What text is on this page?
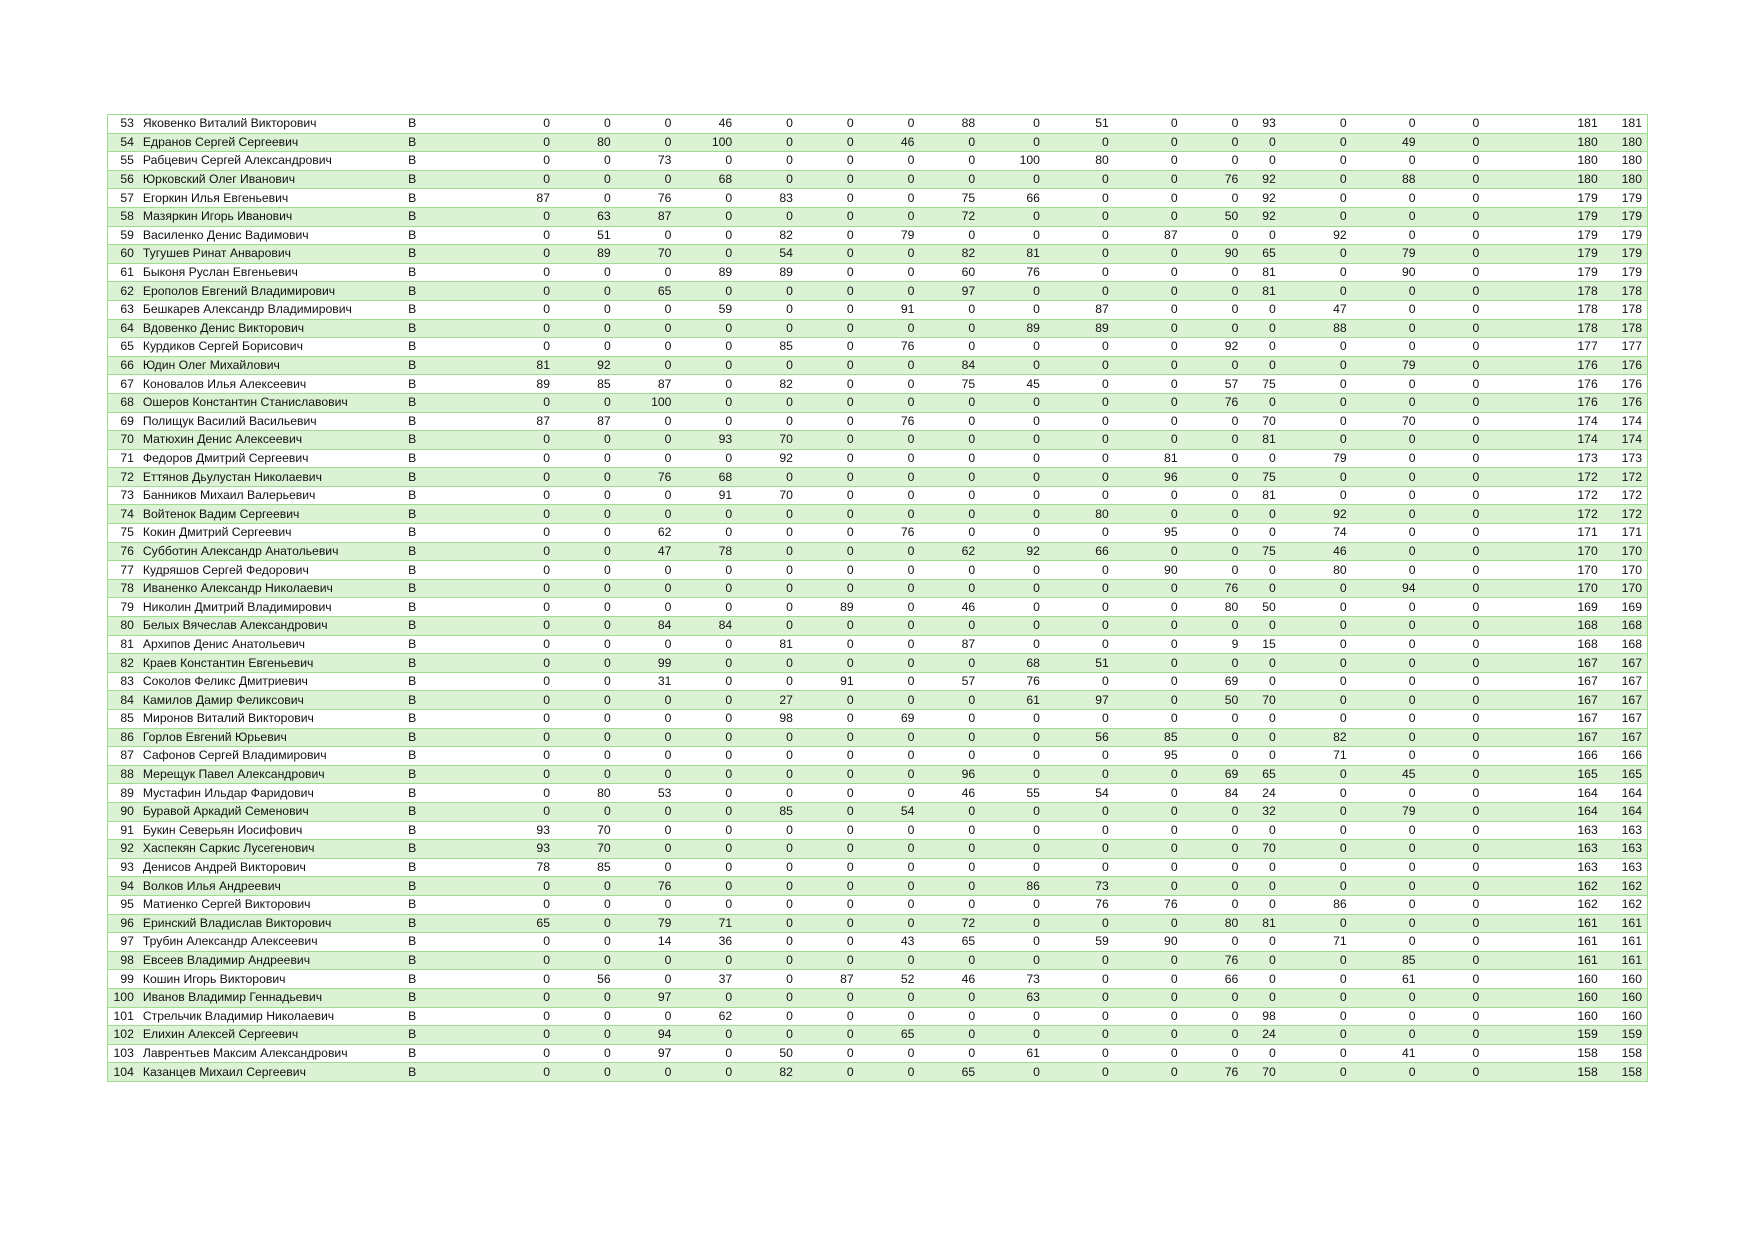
53	Яковенко Виталий Викторович	В	0	0	0	46	0	0	0	88	0	51	0	0	93	0	0	0	181	181
54	Едранов Сергей Сергеевич	В	0	80	0	100	0	0	46	0	0	0	0	0	0	0	49	0	180	180
55	Рабцевич Сергей Александрович	В	0	0	73	0	0	0	0	0	100	80	0	0	0	0	0	0	180	180
56	Юрковский Олег Иванович	В	0	0	0	68	0	0	0	0	0	0	0	76	92	0	88	0	180	180
57	Егоркин Илья Евгеньевич	В	87	0	76	0	83	0	0	75	66	0	0	0	92	0	0	0	179	179
58	Мазяркин Игорь Иванович	В	0	63	87	0	0	0	0	72	0	0	0	50	92	0	0	0	179	179
59	Василенко Денис Вадимович	В	0	51	0	0	82	0	79	0	0	0	87	0	0	92	0	0	179	179
60	Тугушев Ринат Анварович	В	0	89	70	0	54	0	0	82	81	0	0	90	65	0	79	0	179	179
61	Быконя Руслан Евгеньевич	В	0	0	0	89	89	0	0	60	76	0	0	0	81	0	90	0	179	179
62	Ерополов Евгений Владимирович	В	0	0	65	0	0	0	0	97	0	0	0	0	81	0	0	0	178	178
63	Бешкарев Александр Владимирович	В	0	0	0	59	0	0	91	0	0	87	0	0	0	47	0	0	178	178
64	Вдовенко Денис Викторович	В	0	0	0	0	0	0	0	0	89	89	0	0	0	88	0	0	178	178
65	Курдиков Сергей Борисович	В	0	0	0	0	85	0	76	0	0	0	0	92	0	0	0	0	177	177
66	Юдин Олег Михайлович	В	81	92	0	0	0	0	0	84	0	0	0	0	0	0	79	0	176	176
67	Коновалов Илья Алексеевич	В	89	85	87	0	82	0	0	75	45	0	0	57	75	0	0	0	176	176
68	Ошеров Константин Станиславович	В	0	0	100	0	0	0	0	0	0	0	0	76	0	0	0	0	176	176
69	Полищук Василий Васильевич	В	87	87	0	0	0	0	76	0	0	0	0	0	70	0	70	0	174	174
70	Матюхин Денис Алексеевич	В	0	0	0	93	70	0	0	0	0	0	0	0	81	0	0	0	174	174
71	Федоров Дмитрий Сергеевич	В	0	0	0	0	92	0	0	0	0	0	81	0	0	79	0	0	173	173
72	Еттянов Дьулустан Николаевич	В	0	0	76	68	0	0	0	0	0	0	96	0	75	0	0	0	172	172
73	Банников Михаил Валерьевич	В	0	0	0	91	70	0	0	0	0	0	0	0	81	0	0	0	172	172
74	Войтенок Вадим Сергеевич	В	0	0	0	0	0	0	0	0	0	80	0	0	0	92	0	0	172	172
75	Кокин Дмитрий Сергеевич	В	0	0	62	0	0	0	76	0	0	0	95	0	0	74	0	0	171	171
76	Субботин Александр Анатольевич	В	0	0	47	78	0	0	0	62	92	66	0	0	75	46	0	0	170	170
77	Кудряшов Сергей Федорович	В	0	0	0	0	0	0	0	0	0	0	90	0	0	80	0	0	170	170
78	Иваненко Александр Николаевич	В	0	0	0	0	0	0	0	0	0	0	0	76	0	0	94	0	170	170
79	Николин Дмитрий Владимирович	В	0	0	0	0	0	89	0	46	0	0	0	80	50	0	0	0	169	169
80	Белых Вячеслав Александрович	В	0	0	84	84	0	0	0	0	0	0	0	0	0	0	0	0	168	168
81	Архипов Денис Анатольевич	В	0	0	0	0	81	0	0	87	0	0	0	9	15	0	0	0	168	168
82	Краев Константин Евгеньевич	В	0	0	99	0	0	0	0	0	68	51	0	0	0	0	0	0	167	167
83	Соколов Феликс Дмитриевич	В	0	0	31	0	0	91	0	57	76	0	0	69	0	0	0	0	167	167
84	Камилов Дамир Феликсович	В	0	0	0	0	27	0	0	0	61	97	0	50	70	0	0	0	167	167
85	Миронов Виталий Викторович	В	0	0	0	0	98	0	69	0	0	0	0	0	0	0	0	0	167	167
86	Горлов Евгений Юрьевич	В	0	0	0	0	0	0	0	0	0	56	85	0	0	82	0	0	167	167
87	Сафонов Сергей Владимирович	В	0	0	0	0	0	0	0	0	0	0	95	0	0	71	0	0	166	166
88	Мерещук Павел Александрович	В	0	0	0	0	0	0	0	96	0	0	0	69	65	0	45	0	165	165
89	Мустафин Ильдар Фаридович	В	0	80	53	0	0	0	0	46	55	54	0	84	24	0	0	0	164	164
90	Буравой Аркадий Семенович	В	0	0	0	0	85	0	54	0	0	0	0	0	32	0	79	0	164	164
91	Букин Северьян Иосифович	В	93	70	0	0	0	0	0	0	0	0	0	0	0	0	0	0	163	163
92	Хаспекян Саркис Лусегенович	В	93	70	0	0	0	0	0	0	0	0	0	0	70	0	0	0	163	163
93	Денисов Андрей Викторович	В	78	85	0	0	0	0	0	0	0	0	0	0	0	0	0	0	163	163
94	Волков Илья Андреевич	В	0	0	76	0	0	0	0	0	86	73	0	0	0	0	0	0	162	162
95	Матиенко Сергей Викторович	В	0	0	0	0	0	0	0	0	0	76	76	0	0	86	0	0	162	162
96	Еринский Владислав Викторович	В	65	0	79	71	0	0	0	72	0	0	0	80	81	0	0	0	161	161
97	Трубин Александр Алексеевич	В	0	0	14	36	0	0	43	65	0	59	90	0	0	71	0	0	161	161
98	Евсеев Владимир Андреевич	В	0	0	0	0	0	0	0	0	0	0	0	76	0	0	85	0	161	161
99	Кошин Игорь Викторович	В	0	56	0	37	0	87	52	46	73	0	0	66	0	0	61	0	160	160
100	Иванов Владимир Геннадьевич	В	0	0	97	0	0	0	0	0	63	0	0	0	0	0	0	0	160	160
101	Стрельчик Владимир Николаевич	В	0	0	0	62	0	0	0	0	0	0	0	0	98	0	0	0	160	160
102	Елихин Алексей Сергеевич	В	0	0	94	0	0	0	65	0	0	0	0	0	24	0	0	0	159	159
103	Лаврентьев Максим Александрович	В	0	0	97	0	50	0	0	0	61	0	0	0	0	0	41	0	158	158
104	Казанцев Михаил Сергеевич	В	0	0	0	0	82	0	0	65	0	0	0	76	70	0	0	0	158	158
